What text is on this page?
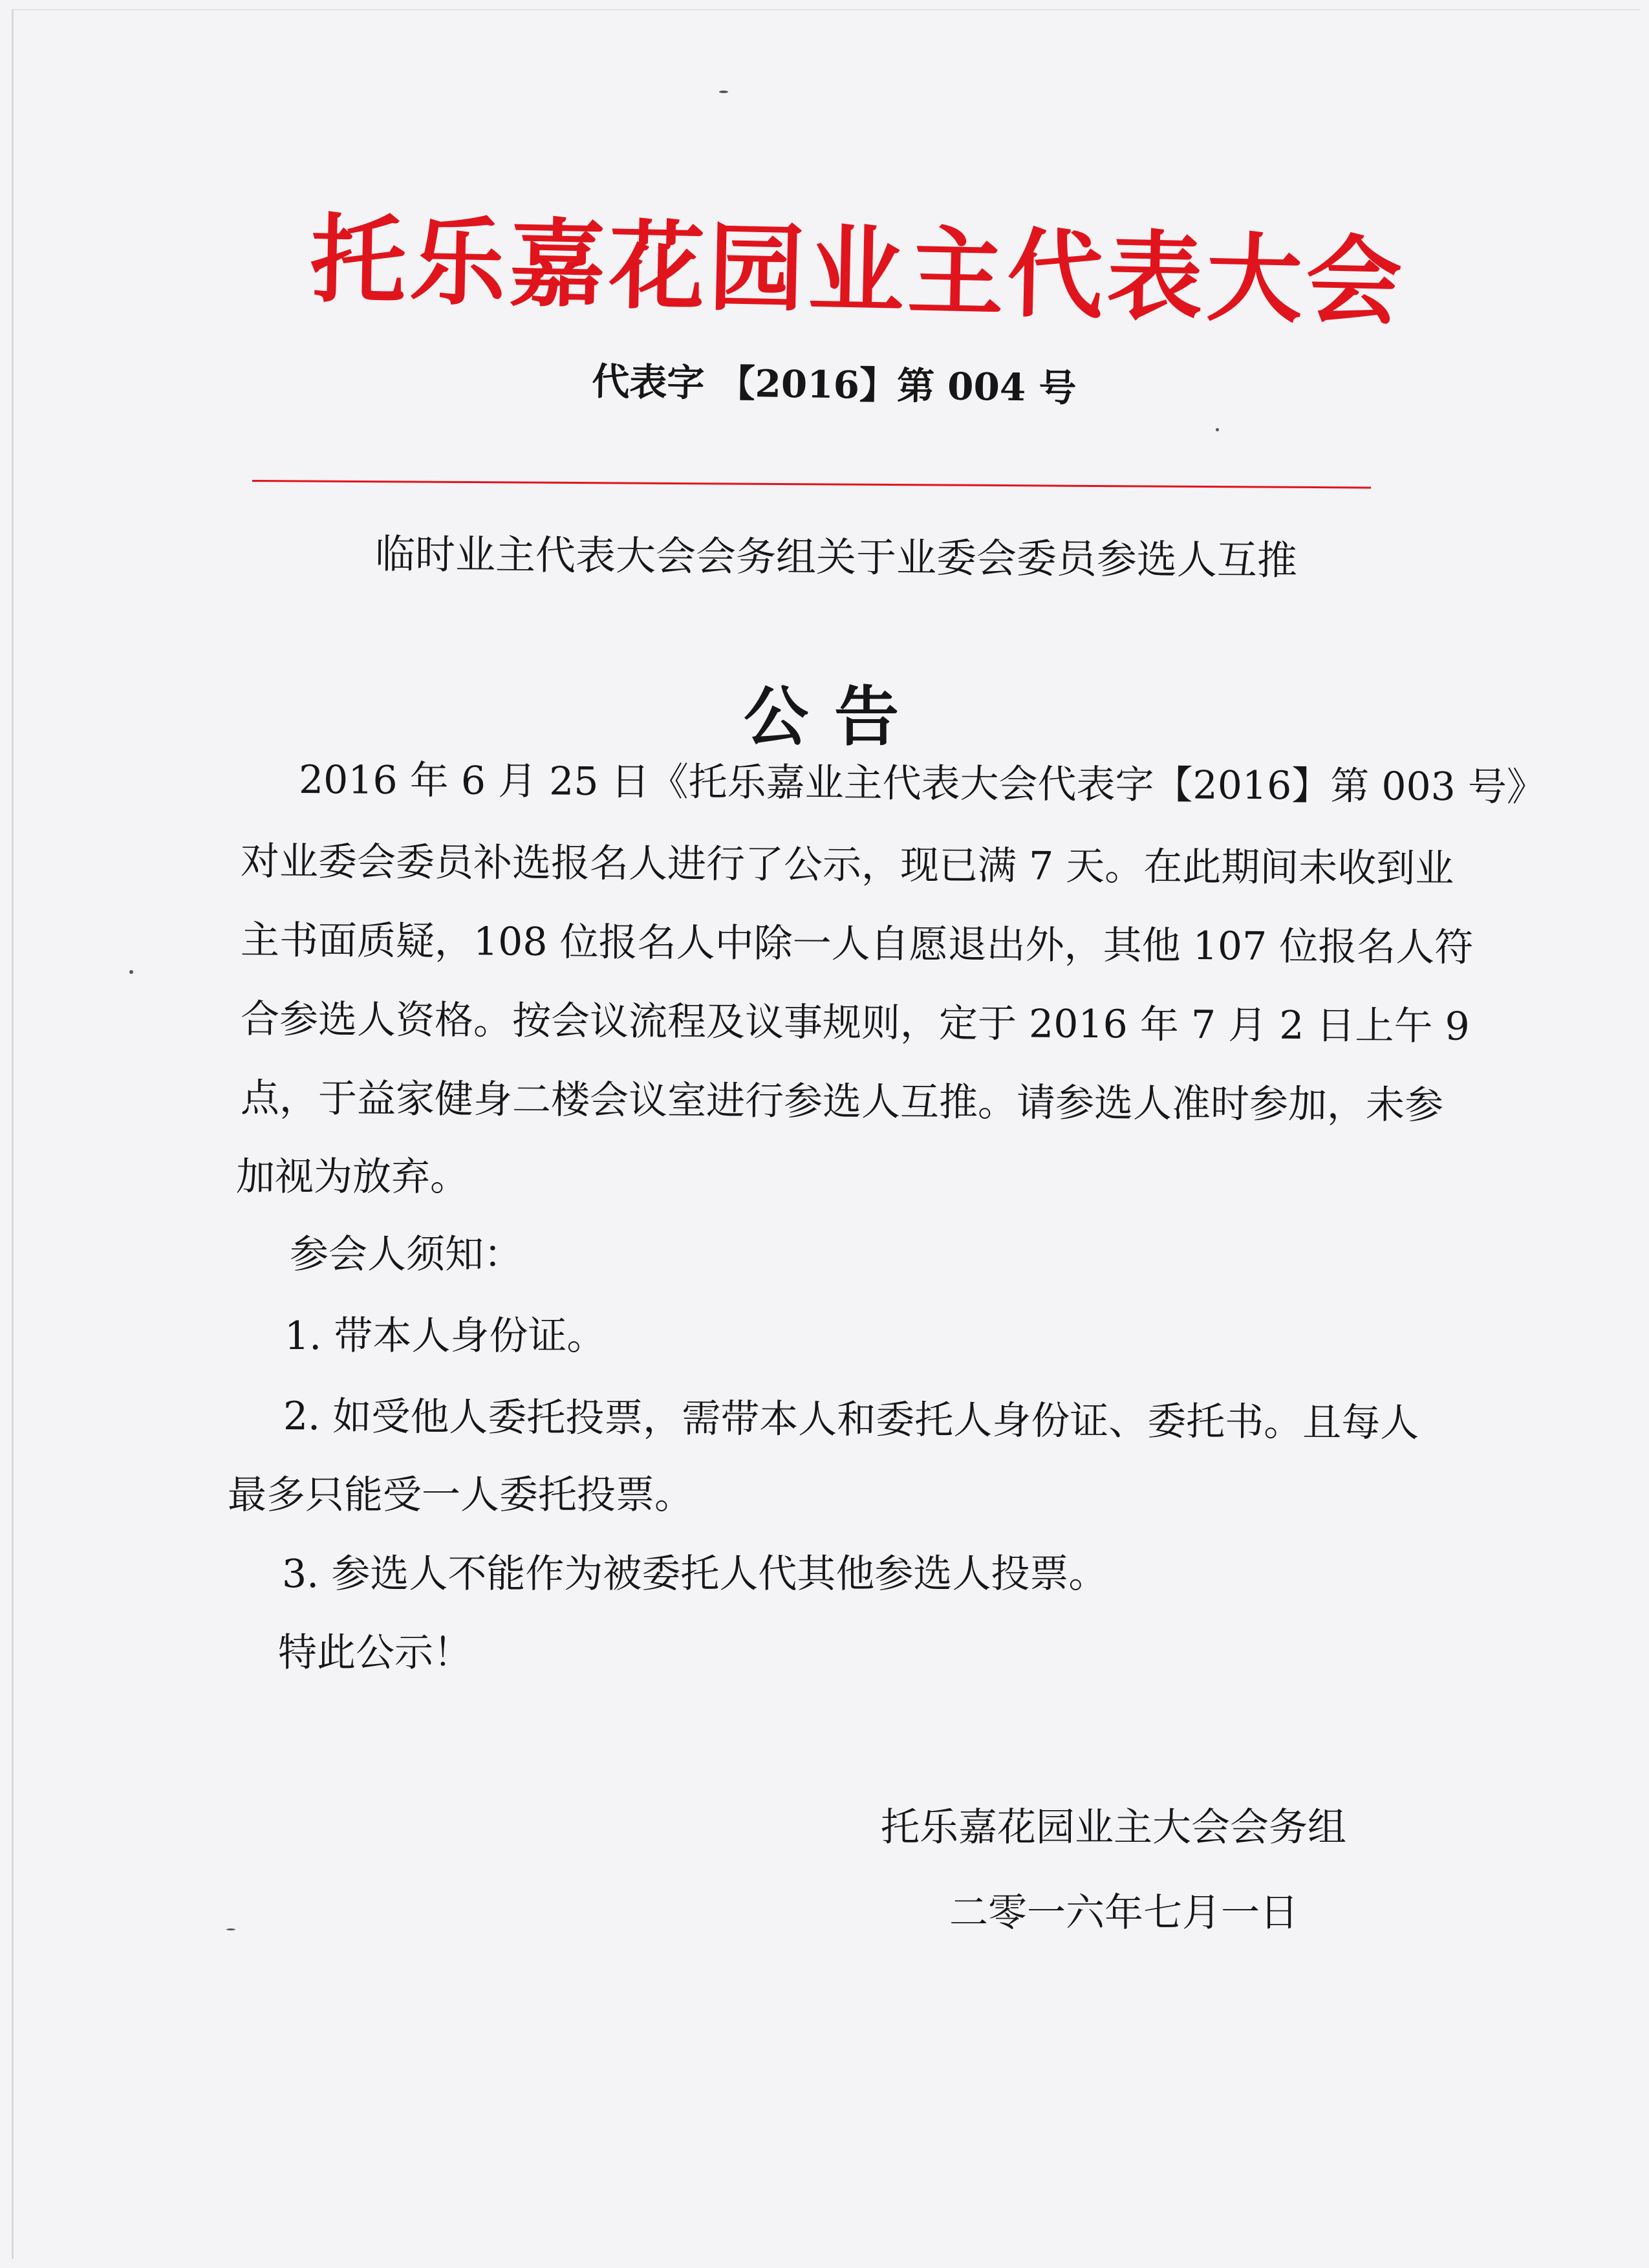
托乐嘉花园业主代表大会
代表字 【2016】第 004 号
临时业主代表大会会务组关于业委会委员参选人互推
公告
2016 年 6 月 25 日《托乐嘉业主代表大会代表字【2016】第 003 号》
对业委会委员补选报名人进行了公示，现已满 7 天。在此期间未收到业
主书面质疑，108 位报名人中除一人自愿退出外，其他 107 位报名人符
合参选人资格。按会议流程及议事规则，定于 2016 年 7 月 2 日上午 9
点，于益家健身二楼会议室进行参选人互推。请参选人准时参加，未参
加视为放弃。
参会人须知：
1. 带本人身份证。
2. 如受他人委托投票，需带本人和委托人身份证、委托书。且每人
最多只能受一人委托投票。
3. 参选人不能作为被委托人代其他参选人投票。
特此公示！
托乐嘉花园业主大会会务组
二零一六年七月一日
